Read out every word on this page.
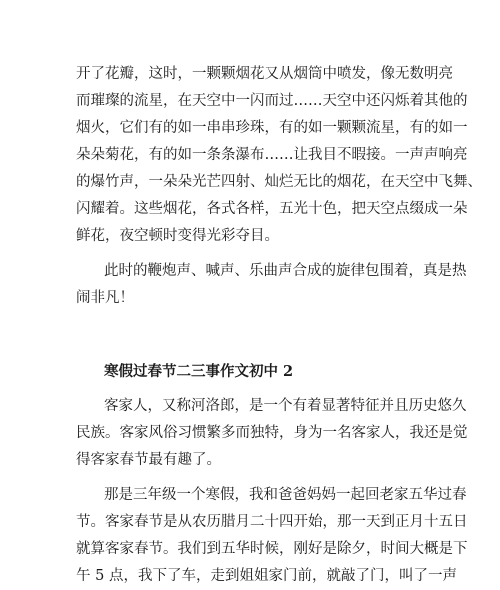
开了花瓣，这时，一颗颗烟花又从烟筒中喷发，像无数明亮
而璀璨的流星，在天空中一闪而过……天空中还闪烁着其他的
烟火，它们有的如一串串珍珠，有的如一颗颗流星，有的如一
朵朵菊花，有的如一条条瀑布……让我目不暇接。一声声响亮
的爆竹声，一朵朵光芒四射、灿烂无比的烟花，在天空中飞舞、
闪耀着。这些烟花，各式各样，五光十色，把天空点缀成一朵
鲜花，夜空顿时变得光彩夺目。
此时的鞭炮声、喊声、乐曲声合成的旋律包围着，真是热
闹非凡！
寒假过春节二三事作文初中 2
客家人，又称河洛郎，是一个有着显著特征并且历史悠久
民族。客家风俗习惯繁多而独特，身为一名客家人，我还是觉
得客家春节最有趣了。
那是三年级一个寒假，我和爸爸妈妈一起回老家五华过春
节。客家春节是从农历腊月二十四开始，那一天到正月十五日
就算客家春节。我们到五华时候，刚好是除夕，时间大概是下
午 5 点，我下了车，走到姐姐家门前，就敲了门，叫了一声
